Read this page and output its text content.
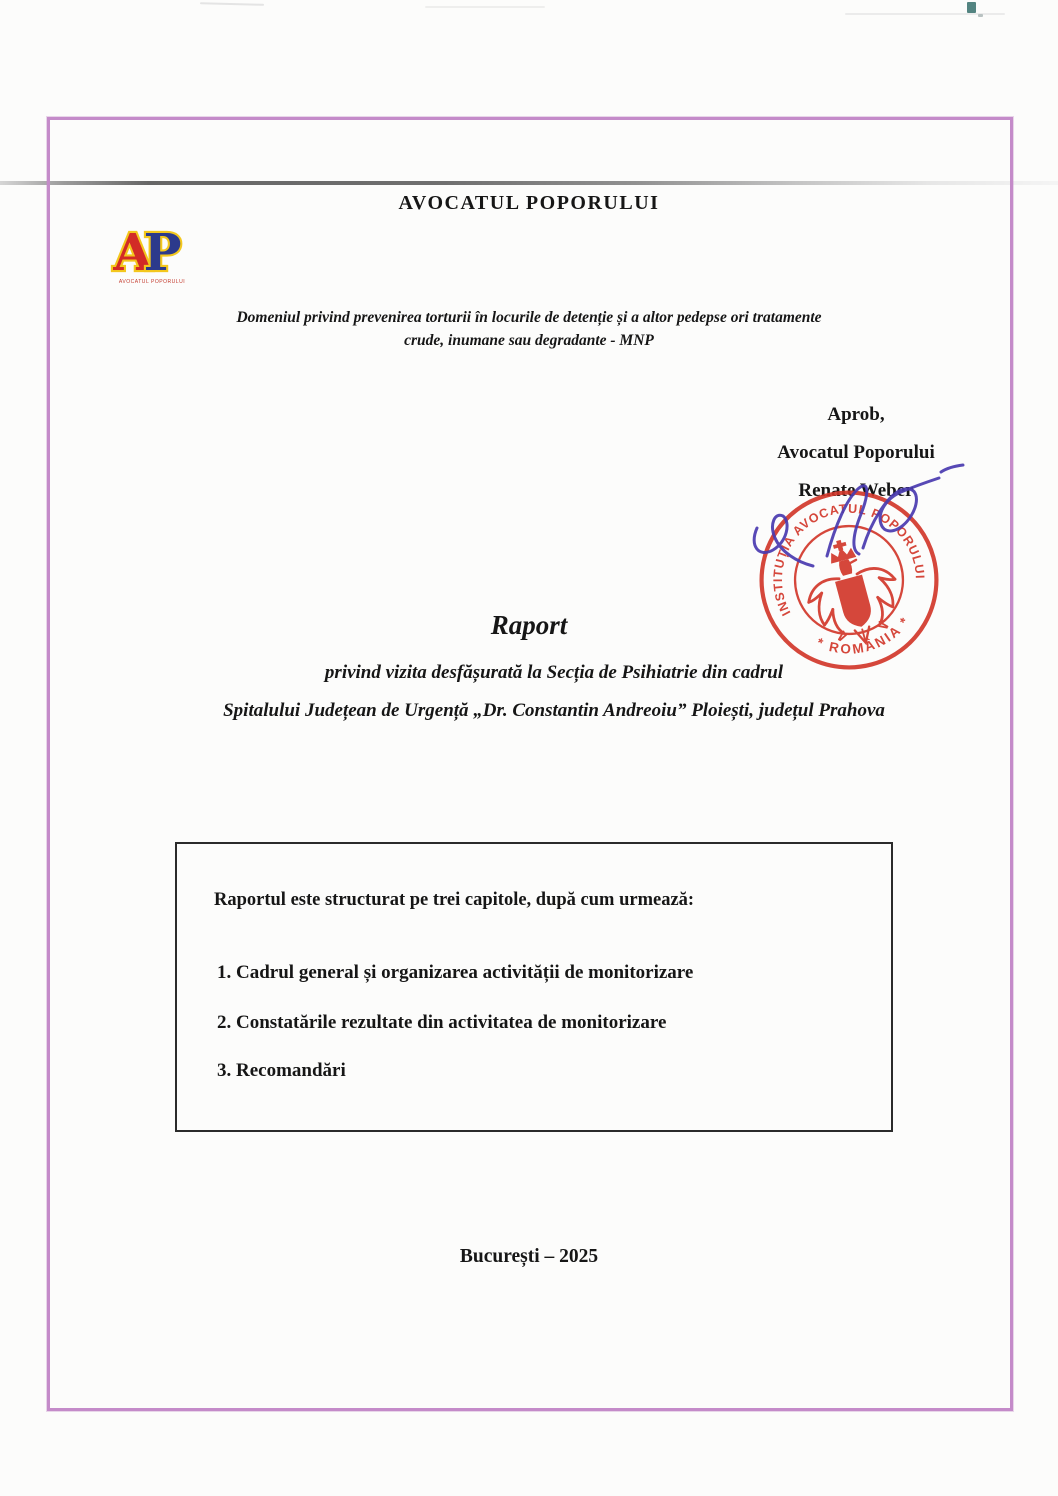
AVOCATUL POPORULUI
A
P
AVOCATUL POPORULUI
Domeniul privind prevenirea torturii în locurile de detenție și a altor pedepse ori tratamente
crude, inumane sau degradante - MNP
Aprob,
Avocatul Poporului
Renate Weber
INSTITUȚIA AVOCATUL POPORULUI
* ROMÂNIA *
Raport
privind vizita desfășurată la Secția de Psihiatrie din cadrul
Spitalului Județean de Urgență „Dr. Constantin Andreoiu” Ploiești, județul Prahova
Raportul este structurat pe trei capitole, după cum urmează:
1. Cadrul general și organizarea activității de monitorizare
2. Constatările rezultate din activitatea de monitorizare
3. Recomandări
București – 2025
